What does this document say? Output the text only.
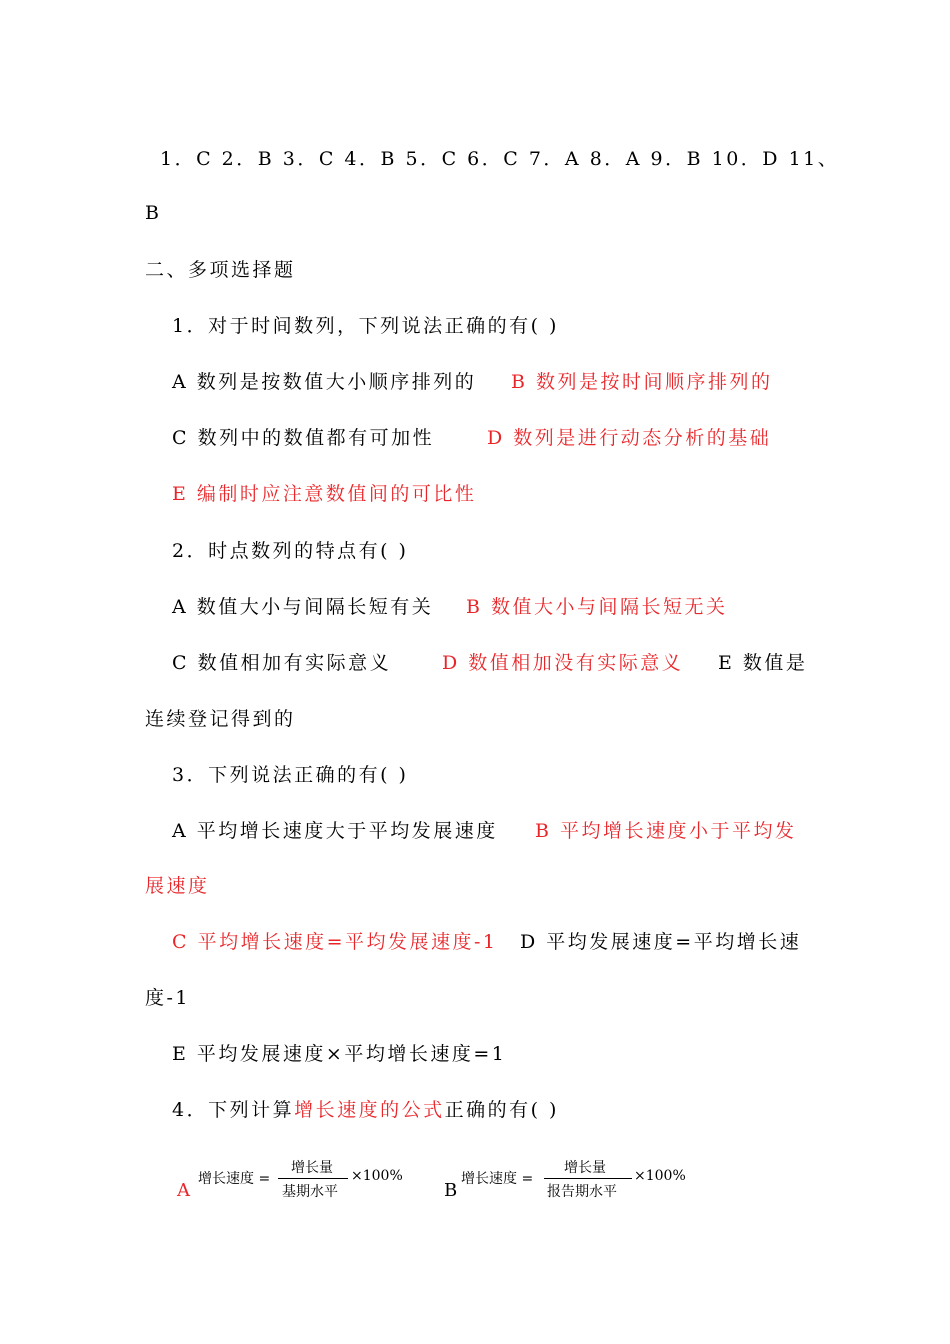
1．C 2．B 3．C 4．B 5．C 6．C 7．A 8．A 9．B 10．D 11、
B
二、多项选择题
1．对于时间数列，下列说法正确的有( )
A 数列是按数值大小顺序排列的 B 数列是按时间顺序排列的
C 数列中的数值都有可加性	D 数列是进行动态分析的基础
E 编制时应注意数值间的可比性
2．时点数列的特点有( )
A 数值大小与间隔长短有关 B 数值大小与间隔长短无关
C 数值相加有实际意义	D 数值相加没有实际意义 E 数值是
连续登记得到的
3．下列说法正确的有( )
A 平均增长速度大于平均发展速度 B 平均增长速度小于平均发
展速度
C 平均增长速度=平均发展速度-1 D 平均发展速度=平均增长速
度-1
E 平均发展速度×平均增长速度=1
4．下列计算增长速度的公式正确的有( )
A
增长速度 =
增长量
基期水平
×100%
B
增长速度 =
增长量
报告期水平
×100%
